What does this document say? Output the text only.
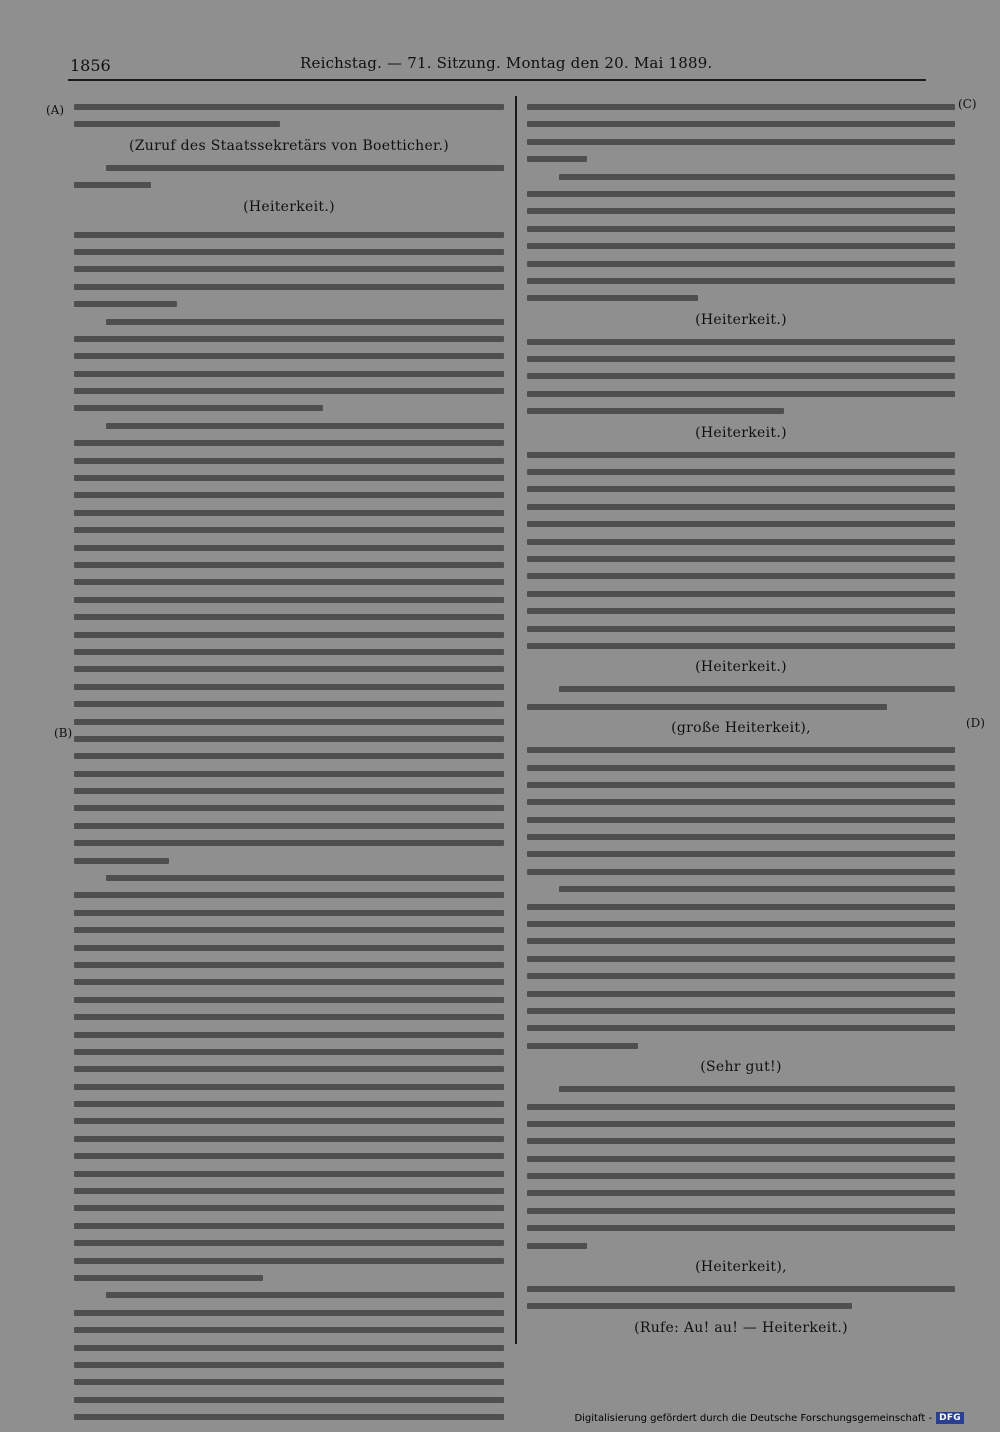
1856	Reichstag. — 71. Sitzung. Montag den 20. Mai 1889.
(A)
(B)
(C)
(D)
(Zuruf des Staatssekretärs von Boetticher.)
(Heiterkeit.)
(Heiterkeit.)
(Heiterkeit.)
(Heiterkeit.)
(große Heiterkeit),
(Sehr gut!)
(Heiterkeit),
(Rufe: Au! au! — Heiterkeit.)
Digitalisierung gefördert durch die Deutsche Forschungsgemeinschaft - DFG
